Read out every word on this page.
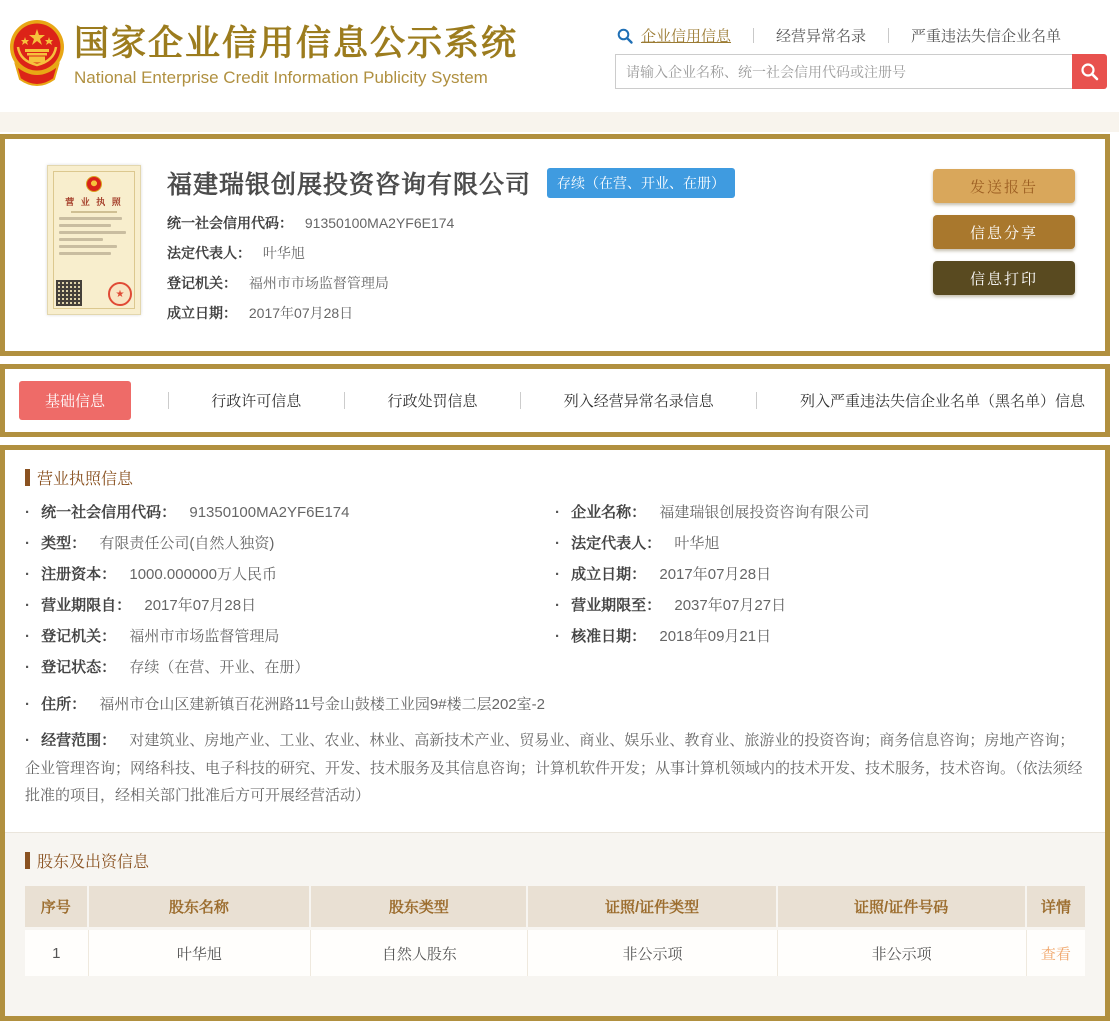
国家企业信用信息公示系统
National Enterprise Credit Information Publicity System
企业信用信息	经营异常名录	严重违法失信企业名单
请输入企业名称、统一社会信用代码或注册号
营 业 执 照
★
福建瑞银创展投资咨询有限公司	存续（在营、开业、在册）
统一社会信用代码： 91350100MA2YF6E174
法定代表人： 叶华旭
登记机关： 福州市市场监督管理局
成立日期： 2017年07月28日
发送报告
信息分享
信息打印
基础信息	行政许可信息	行政处罚信息	列入经营异常名录信息	列入严重违法失信企业名单（黑名单）信息
营业执照信息
· 统一社会信用代码： 91350100MA2YF6E174
· 类型： 有限责任公司(自然人独资)
· 注册资本： 1000.000000万人民币
· 营业期限自： 2017年07月28日
· 登记机关： 福州市市场监督管理局
· 登记状态： 存续（在营、开业、在册）
· 企业名称： 福建瑞银创展投资咨询有限公司
· 法定代表人： 叶华旭
· 成立日期： 2017年07月28日
· 营业期限至： 2037年07月27日
· 核准日期： 2018年09月21日
· 住所： 福州市仓山区建新镇百花洲路11号金山鼓楼工业园9#楼二层202室-2
· 经营范围： 对建筑业、房地产业、工业、农业、林业、高新技术产业、贸易业、商业、娱乐业、教育业、旅游业的投资咨询；商务信息咨询；房地产咨询；企业管理咨询；网络科技、电子科技的研究、开发、技术服务及其信息咨询；计算机软件开发；从事计算机领域内的技术开发、技术服务，技术咨询。（依法须经批准的项目，经相关部门批准后方可开展经营活动）
股东及出资信息
序号	股东名称	股东类型	证照/证件类型	证照/证件号码	详情
1	叶华旭	自然人股东	非公示项	非公示项	查看
